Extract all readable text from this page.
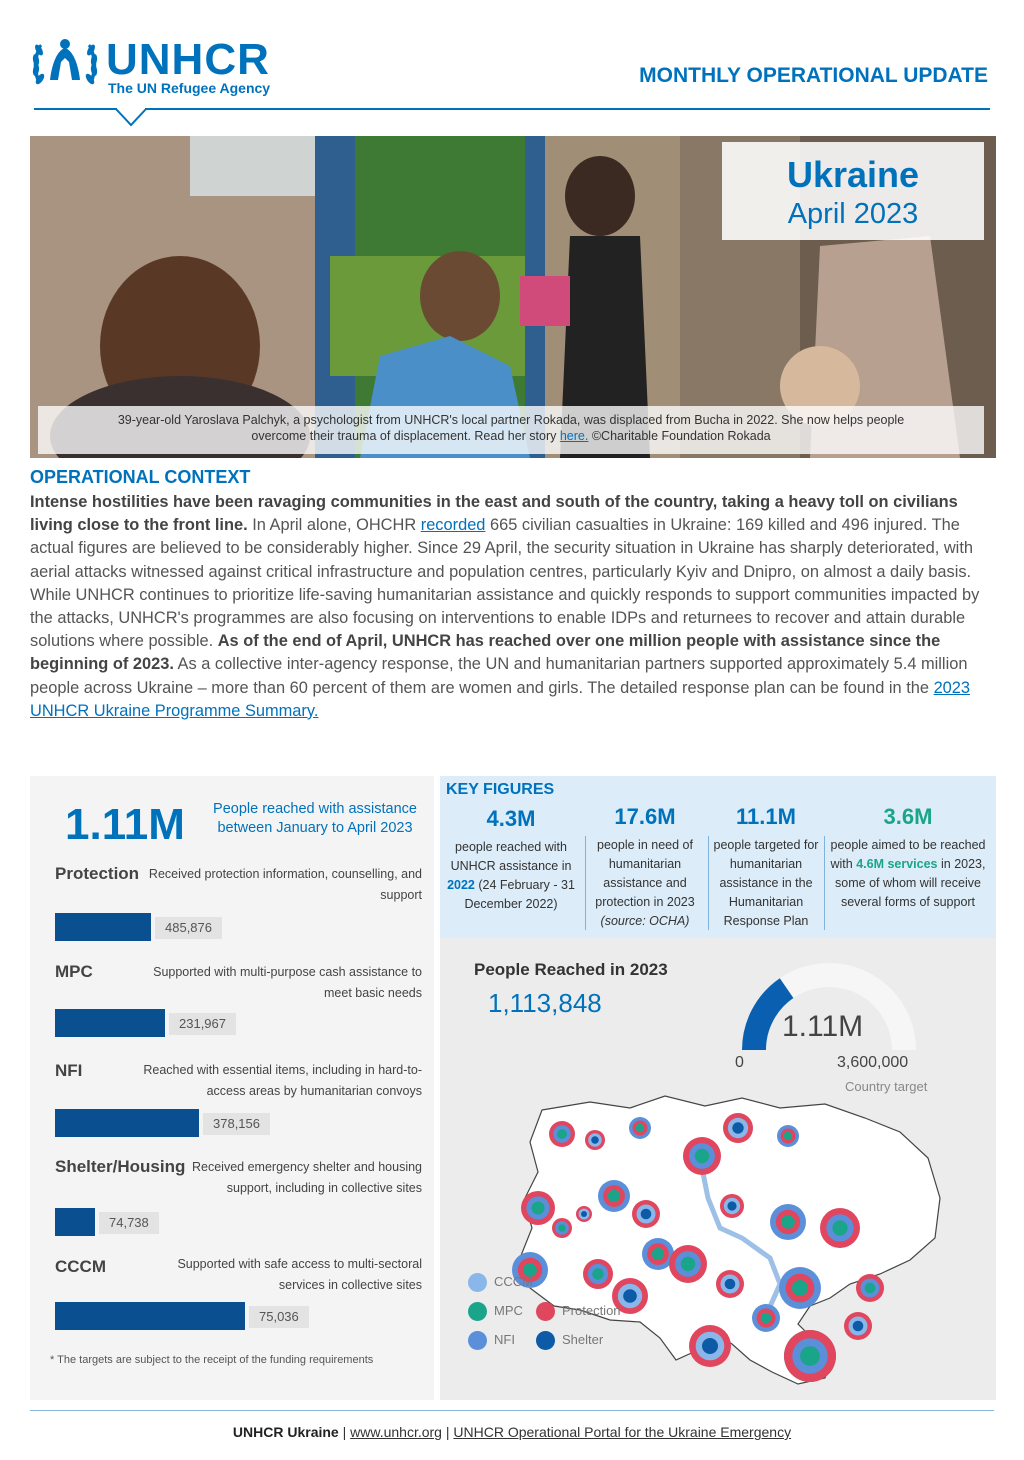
UNHCR
The UN Refugee Agency
MONTHLY OPERATIONAL UPDATE
Ukraine
April 2023
39-year-old Yaroslava Palchyk, a psychologist from UNHCR's local partner Rokada, was displaced from Bucha in 2022. She now helps people overcome their trauma of displacement. Read her story here. ©Charitable Foundation Rokada
OPERATIONAL CONTEXT
Intense hostilities have been ravaging communities in the east and south of the country, taking a heavy toll on civilians living close to the front line. In April alone, OHCHR recorded 665 civilian casualties in Ukraine: 169 killed and 496 injured. The actual figures are believed to be considerably higher. Since 29 April, the security situation in Ukraine has sharply deteriorated, with aerial attacks witnessed against critical infrastructure and population centres, particularly Kyiv and Dnipro, on almost a daily basis.
While UNHCR continues to prioritize life-saving humanitarian assistance and quickly responds to support communities impacted by the attacks, UNHCR's programmes are also focusing on interventions to enable IDPs and returnees to recover and attain durable solutions where possible. As of the end of April, UNHCR has reached over one million people with assistance since the beginning of 2023. As a collective inter-agency response, the UN and humanitarian partners supported approximately 5.4 million people across Ukraine – more than 60 percent of them are women and girls. The detailed response plan can be found in the 2023 UNHCR Ukraine Programme Summary.
1.11M People reached with assistance between January to April 2023
Protection Received protection information, counselling, and support
485,876
MPC	Supported with multi-purpose cash assistance to meet basic needs
231,967
NFI	Reached with essential items, including in hard-to-access areas by humanitarian convoys
378,156
Shelter/Housing Received emergency shelter and housing support, including in collective sites
74,738
CCCM	Supported with safe access to multi-sectoral services in collective sites
75,036
* The targets are subject to the receipt of the funding requirements
KEY FIGURES
4.3M
people reached with UNHCR assistance in 2022 (24 February - 31 December 2022)
17.6M
people in need of humanitarian assistance and protection in 2023 (source: OCHA)
11.1M
people targeted for humanitarian assistance in the Humanitarian Response Plan
3.6M
people aimed to be reached with 4.6M services in 2023, some of whom will receive several forms of support
People Reached in 2023
1,113,848
1.11M
0	3,600,000
Country target
CCCM
MPC	Protection
NFI	Shelter
UNHCR Ukraine | www.unhcr.org | UNHCR Operational Portal for the Ukraine Emergency
